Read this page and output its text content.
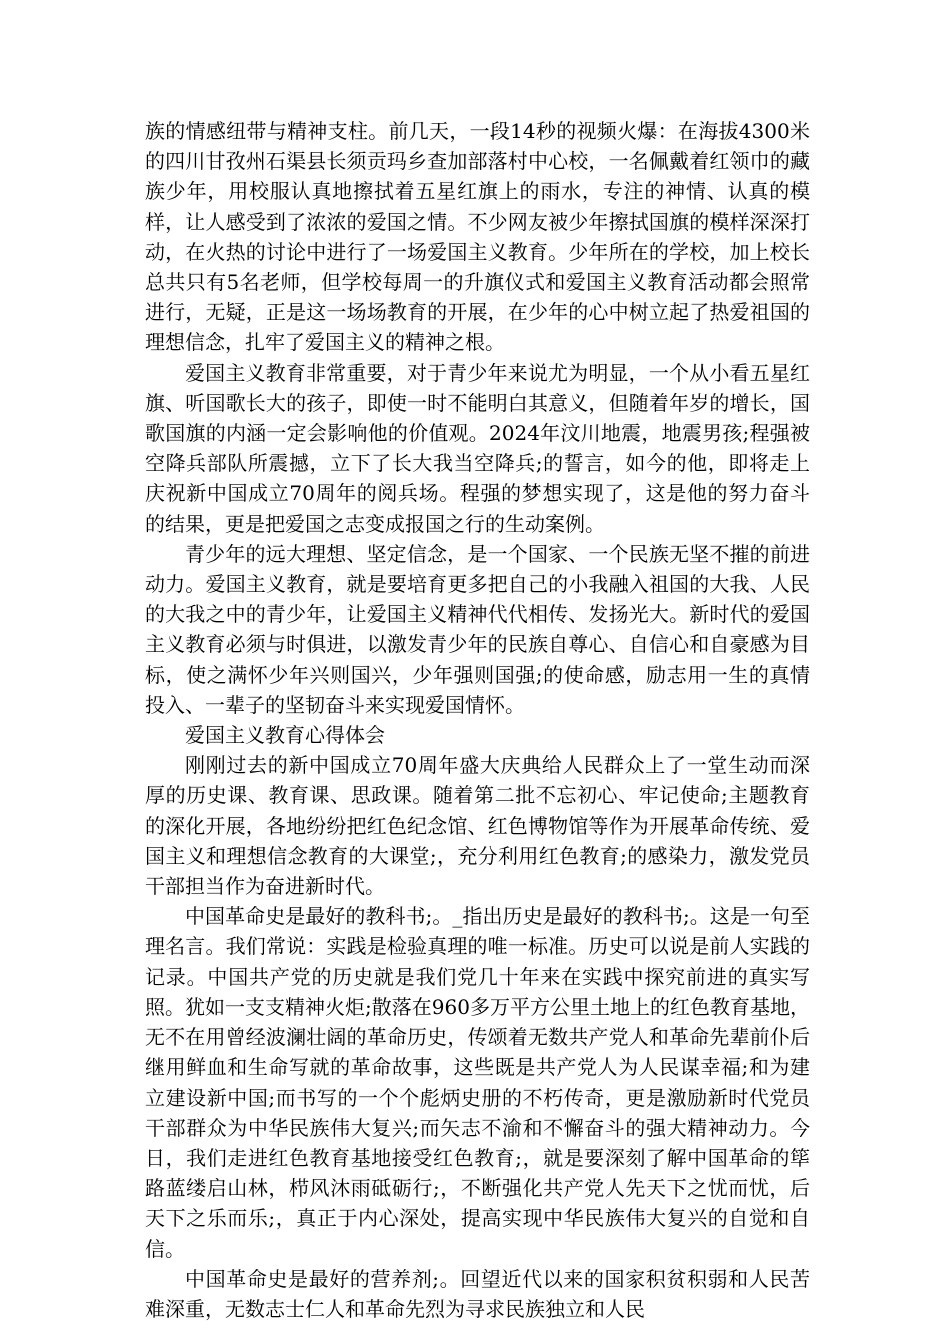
族的情感纽带与精神支柱。前几天，一段14秒的视频火爆：在海拔4300米的四川甘孜州石渠县长须贡玛乡查加部落村中心校，一名佩戴着红领巾的藏族少年，用校服认真地擦拭着五星红旗上的雨水，专注的神情、认真的模样，让人感受到了浓浓的爱国之情。不少网友被少年擦拭国旗的模样深深打动，在火热的讨论中进行了一场爱国主义教育。少年所在的学校，加上校长总共只有5名老师，但学校每周一的升旗仪式和爱国主义教育活动都会照常进行，无疑，正是这一场场教育的开展，在少年的心中树立起了热爱祖国的理想信念，扎牢了爱国主义的精神之根。

爱国主义教育非常重要，对于青少年来说尤为明显，一个从小看五星红旗、听国歌长大的孩子，即使一时不能明白其意义，但随着年岁的增长，国歌国旗的内涵一定会影响他的价值观。2024年汶川地震，地震男孩;程强被空降兵部队所震撼，立下了长大我当空降兵;的誓言，如今的他，即将走上庆祝新中国成立70周年的阅兵场。程强的梦想实现了，这是他的努力奋斗的结果，更是把爱国之志变成报国之行的生动案例。

青少年的远大理想、坚定信念，是一个国家、一个民族无坚不摧的前进动力。爱国主义教育，就是要培育更多把自己的小我融入祖国的大我、人民的大我之中的青少年，让爱国主义精神代代相传、发扬光大。新时代的爱国主义教育必须与时俱进，以激发青少年的民族自尊心、自信心和自豪感为目标，使之满怀少年兴则国兴，少年强则国强;的使命感，励志用一生的真情投入、一辈子的坚韧奋斗来实现爱国情怀。

爱国主义教育心得体会

刚刚过去的新中国成立70周年盛大庆典给人民群众上了一堂生动而深厚的历史课、教育课、思政课。随着第二批不忘初心、牢记使命;主题教育的深化开展，各地纷纷把红色纪念馆、红色博物馆等作为开展革命传统、爱国主义和理想信念教育的大课堂;，充分利用红色教育;的感染力，激发党员干部担当作为奋进新时代。

中国革命史是最好的教科书;。_指出历史是最好的教科书;。这是一句至理名言。我们常说：实践是检验真理的唯一标准。历史可以说是前人实践的记录。中国共产党的历史就是我们党几十年来在实践中探究前进的真实写照。犹如一支支精神火炬;散落在960多万平方公里土地上的红色教育基地，无不在用曾经波澜壮阔的革命历史，传颂着无数共产党人和革命先辈前仆后继用鲜血和生命写就的革命故事，这些既是共产党人为人民谋幸福;和为建立建设新中国;而书写的一个个彪炳史册的不朽传奇，更是激励新时代党员干部群众为中华民族伟大复兴;而矢志不渝和不懈奋斗的强大精神动力。今日，我们走进红色教育基地接受红色教育;，就是要深刻了解中国革命的筚路蓝缕启山林，栉风沐雨砥砺行;，不断强化共产党人先天下之忧而忧，后天下之乐而乐;，真正于内心深处，提高实现中华民族伟大复兴的自觉和自信。

中国革命史是最好的营养剂;。回望近代以来的国家积贫积弱和人民苦难深重，无数志士仁人和革命先烈为寻求民族独立和人民
